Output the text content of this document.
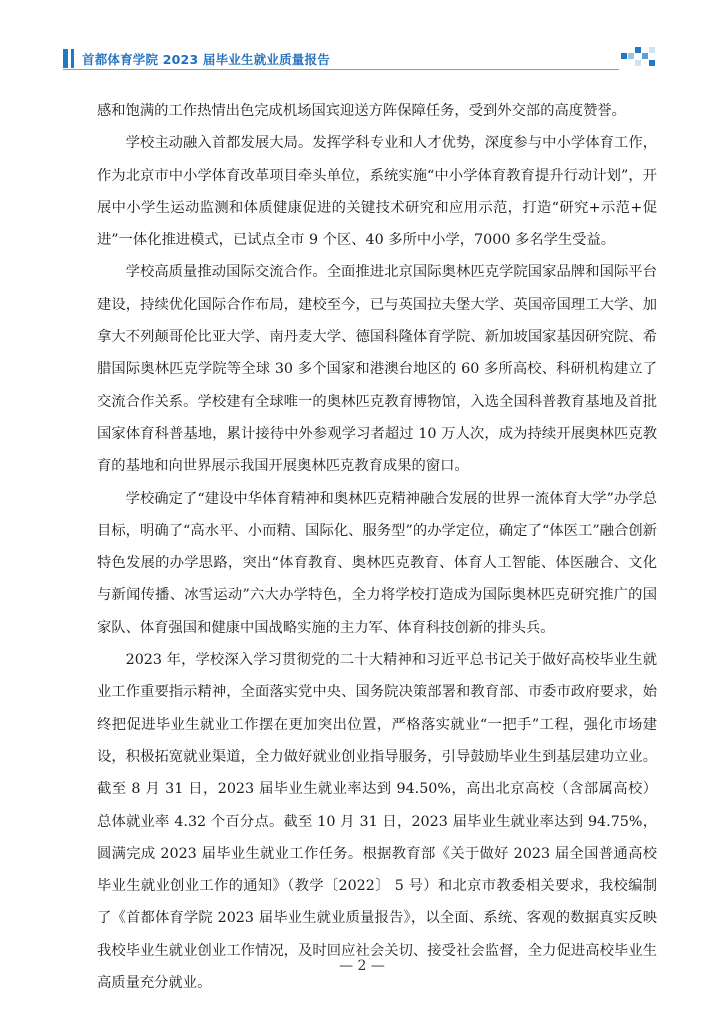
首都体育学院 2023 届毕业生就业质量报告

感和饱满的工作热情出色完成机场国宾迎送方阵保障任务，受到外交部的高度赞誉。

学校主动融入首都发展大局。发挥学科专业和人才优势，深度参与中小学体育工作，作为北京市中小学体育改革项目牵头单位，系统实施“中小学体育教育提升行动计划”，开展中小学生运动监测和体质健康促进的关键技术研究和应用示范，打造“研究+示范+促进”一体化推进模式，已试点全市 9 个区、40 多所中小学，7000 多名学生受益。

学校高质量推动国际交流合作。全面推进北京国际奥林匹克学院国家品牌和国际平台建设，持续优化国际合作布局，建校至今，已与英国拉夫堡大学、英国帝国理工大学、加拿大不列颠哥伦比亚大学、南丹麦大学、德国科隆体育学院、新加坡国家基因研究院、希腊国际奥林匹克学院等全球 30 多个国家和港澳台地区的 60 多所高校、科研机构建立了交流合作关系。学校建有全球唯一的奥林匹克教育博物馆，入选全国科普教育基地及首批国家体育科普基地，累计接待中外参观学习者超过 10 万人次，成为持续开展奥林匹克教育的基地和向世界展示我国开展奥林匹克教育成果的窗口。

学校确定了“建设中华体育精神和奥林匹克精神融合发展的世界一流体育大学”办学总目标，明确了“高水平、小而精、国际化、服务型”的办学定位，确定了“体医工”融合创新特色发展的办学思路，突出“体育教育、奥林匹克教育、体育人工智能、体医融合、文化与新闻传播、冰雪运动”六大办学特色，全力将学校打造成为国际奥林匹克研究推广的国家队、体育强国和健康中国战略实施的主力军、体育科技创新的排头兵。

2023 年，学校深入学习贯彻党的二十大精神和习近平总书记关于做好高校毕业生就业工作重要指示精神，全面落实党中央、国务院决策部署和教育部、市委市政府要求，始终把促进毕业生就业工作摆在更加突出位置，严格落实就业“一把手”工程，强化市场建设，积极拓宽就业渠道，全力做好就业创业指导服务，引导鼓励毕业生到基层建功立业。截至 8 月 31 日，2023 届毕业生就业率达到 94.50%，高出北京高校（含部属高校）总体就业率 4.32 个百分点。截至 10 月 31 日，2023 届毕业生就业率达到 94.75%，圆满完成 2023 届毕业生就业工作任务。根据教育部《关于做好 2023 届全国普通高校毕业生就业创业工作的通知》（教学〔2022〕 5 号）和北京市教委相关要求，我校编制了《首都体育学院 2023 届毕业生就业质量报告》，以全面、系统、客观的数据真实反映我校毕业生就业创业工作情况，及时回应社会关切、接受社会监督，全力促进高校毕业生高质量充分就业。

— 2 —
